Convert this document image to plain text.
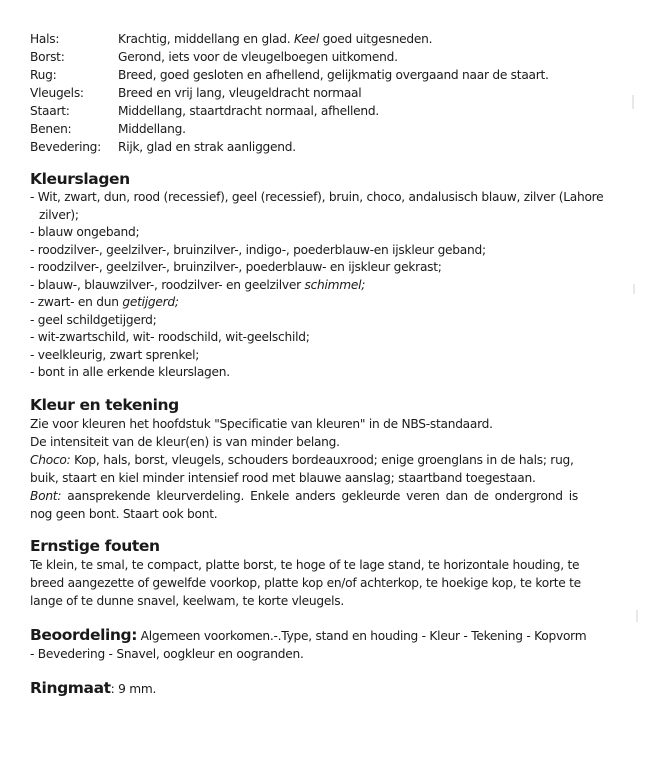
Hals:	Krachtig, middellang en glad. Keel goed uitgesneden.
Borst:	Gerond, iets voor de vleugelboegen uitkomend.
Rug:	Breed, goed gesloten en afhellend, gelijkmatig overgaand naar de staart.
Vleugels:	Breed en vrij lang, vleugeldracht normaal
Staart:	Middellang, staartdracht normaal, afhellend.
Benen:	Middellang.
Bevedering:	Rijk, glad en strak aanliggend.
Kleurslagen
- Wit, zwart, dun, rood (recessief), geel (recessief), bruin, choco, andalusisch blauw, zilver (Lahore zilver);
- blauw ongeband;
- roodzilver-, geelzilver-, bruinzilver-, indigo-, poederblauw-en ijskleur geband;
- roodzilver-, geelzilver-, bruinzilver-, poederblauw- en ijskleur gekrast;
- blauw-, blauwzilver-, roodzilver- en geelzilver schimmel;
- zwart- en dun getijgerd;
- geel schildgetijgerd;
- wit-zwartschild, wit- roodschild, wit-geelschild;
- veelkleurig, zwart sprenkel;
- bont in alle erkende kleurslagen.
Kleur en tekening
Zie voor kleuren het hoofdstuk "Specificatie van kleuren" in de NBS-standaard.
De intensiteit van de kleur(en) is van minder belang.
Choco: Kop, hals, borst, vleugels, schouders bordeauxrood; enige groenglans in de hals; rug, buik, staart en kiel minder intensief rood met blauwe aanslag; staartband toegestaan.
Bont: aansprekende kleurverdeling. Enkele anders gekleurde veren dan de ondergrond is nog geen bont. Staart ook bont.
Ernstige fouten
Te klein, te smal, te compact, platte borst, te hoge of te lage stand, te horizontale houding, te breed aangezette of gewelfde voorkop, platte kop en/of achterkop, te hoekige kop, te korte te lange of te dunne snavel, keelwam, te korte vleugels.
Beoordeling: Algemeen voorkomen.-.Type, stand en houding - Kleur - Tekening - Kopvorm - Bevedering - Snavel, oogkleur en oogranden.
Ringmaat: 9 mm.
